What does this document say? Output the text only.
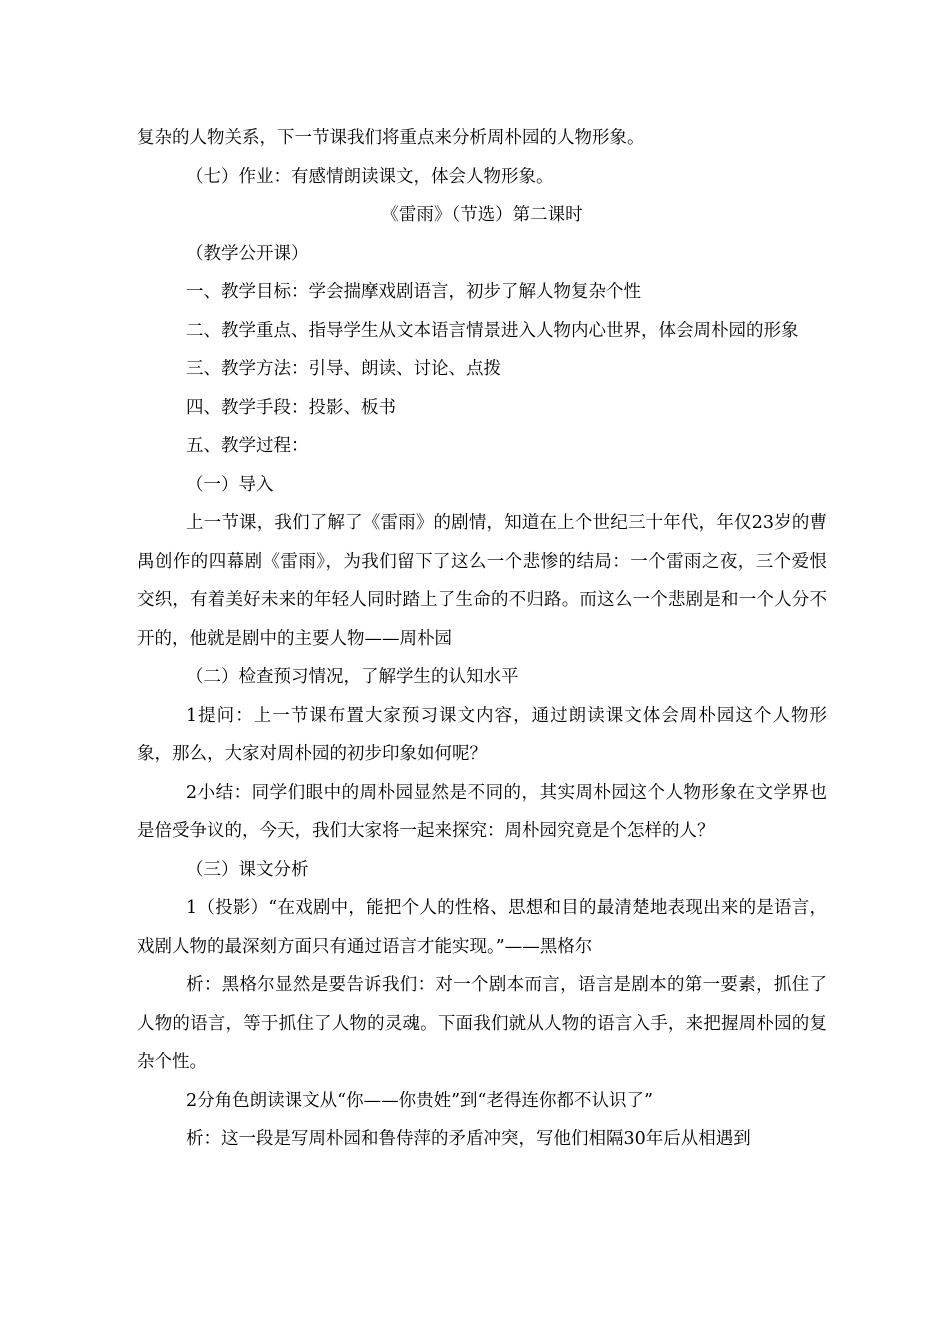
复杂的人物关系，下一节课我们将重点来分析周朴园的人物形象。

（七）作业：有感情朗读课文，体会人物形象。

《雷雨》（节选）第二课时

（教学公开课）

一、教学目标：学会揣摩戏剧语言，初步了解人物复杂个性

二、教学重点、指导学生从文本语言情景进入人物内心世界，体会周朴园的形象

三、教学方法：引导、朗读、讨论、点拨

四、教学手段：投影、板书

五、教学过程：

（一）导入

上一节课，我们了解了《雷雨》的剧情，知道在上个世纪三十年代，年仅23岁的曹禺创作的四幕剧《雷雨》，为我们留下了这么一个悲惨的结局：一个雷雨之夜，三个爱恨交织，有着美好未来的年轻人同时踏上了生命的不归路。而这么一个悲剧是和一个人分不开的，他就是剧中的主要人物——周朴园

（二）检查预习情况，了解学生的认知水平

1提问：上一节课布置大家预习课文内容，通过朗读课文体会周朴园这个人物形象，那么，大家对周朴园的初步印象如何呢？

2小结：同学们眼中的周朴园显然是不同的，其实周朴园这个人物形象在文学界也是倍受争议的，今天，我们大家将一起来探究：周朴园究竟是个怎样的人？

（三）课文分析

1（投影）“在戏剧中，能把个人的性格、思想和目的最清楚地表现出来的是语言，戏剧人物的最深刻方面只有通过语言才能实现。”——黑格尔

析：黑格尔显然是要告诉我们：对一个剧本而言，语言是剧本的第一要素，抓住了人物的语言，等于抓住了人物的灵魂。下面我们就从人物的语言入手，来把握周朴园的复杂个性。

2分角色朗读课文从“你——你贵姓”到“老得连你都不认识了”

析：这一段是写周朴园和鲁侍萍的矛盾冲突，写他们相隔30年后从相遇到
